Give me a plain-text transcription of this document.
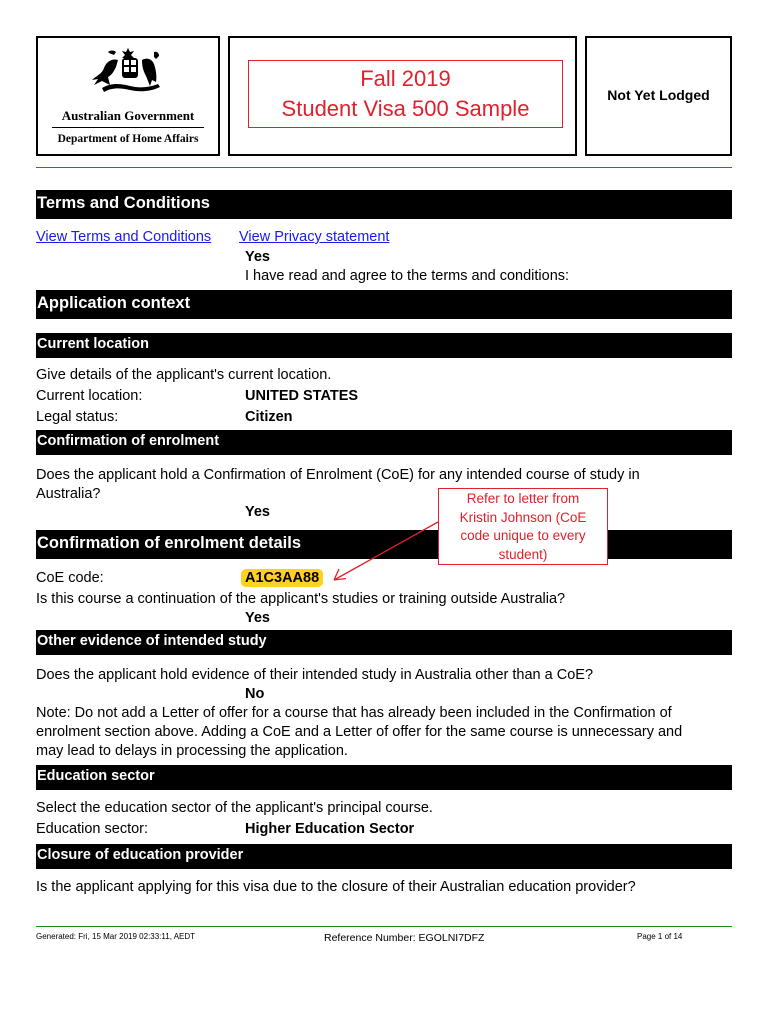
Australian Government
Department of Home Affairs
Fall 2019
Student Visa 500 Sample
Not Yet Lodged
Terms and Conditions
View Terms and Conditions View Privacy statement
Yes
I have read and agree to the terms and conditions:
Application context
Current location
Give details of the applicant's current location.
Current location:	UNITED STATES
Legal status:	Citizen
Confirmation of enrolment
Does the applicant hold a Confirmation of Enrolment (CoE) for any intended course of study in
Australia?
Yes
Confirmation of enrolment details
CoE code:	A1C3AA88
Is this course a continuation of the applicant's studies or training outside Australia?
Yes
Refer to letter from
Kristin Johnson (CoE
code unique to every
student)
Other evidence of intended study
Does the applicant hold evidence of their intended study in Australia other than a CoE?
No
Note: Do not add a Letter of offer for a course that has already been included in the Confirmation of
enrolment section above. Adding a CoE and a Letter of offer for the same course is unnecessary and
may lead to delays in processing the application.
Education sector
Select the education sector of the applicant's principal course.
Education sector:	Higher Education Sector
Closure of education provider
Is the applicant applying for this visa due to the closure of their Australian education provider?
Generated: Fri, 15 Mar 2019 02:33:11, AEDT	Reference Number: EGOLNI7DFZ	Page 1 of 14
